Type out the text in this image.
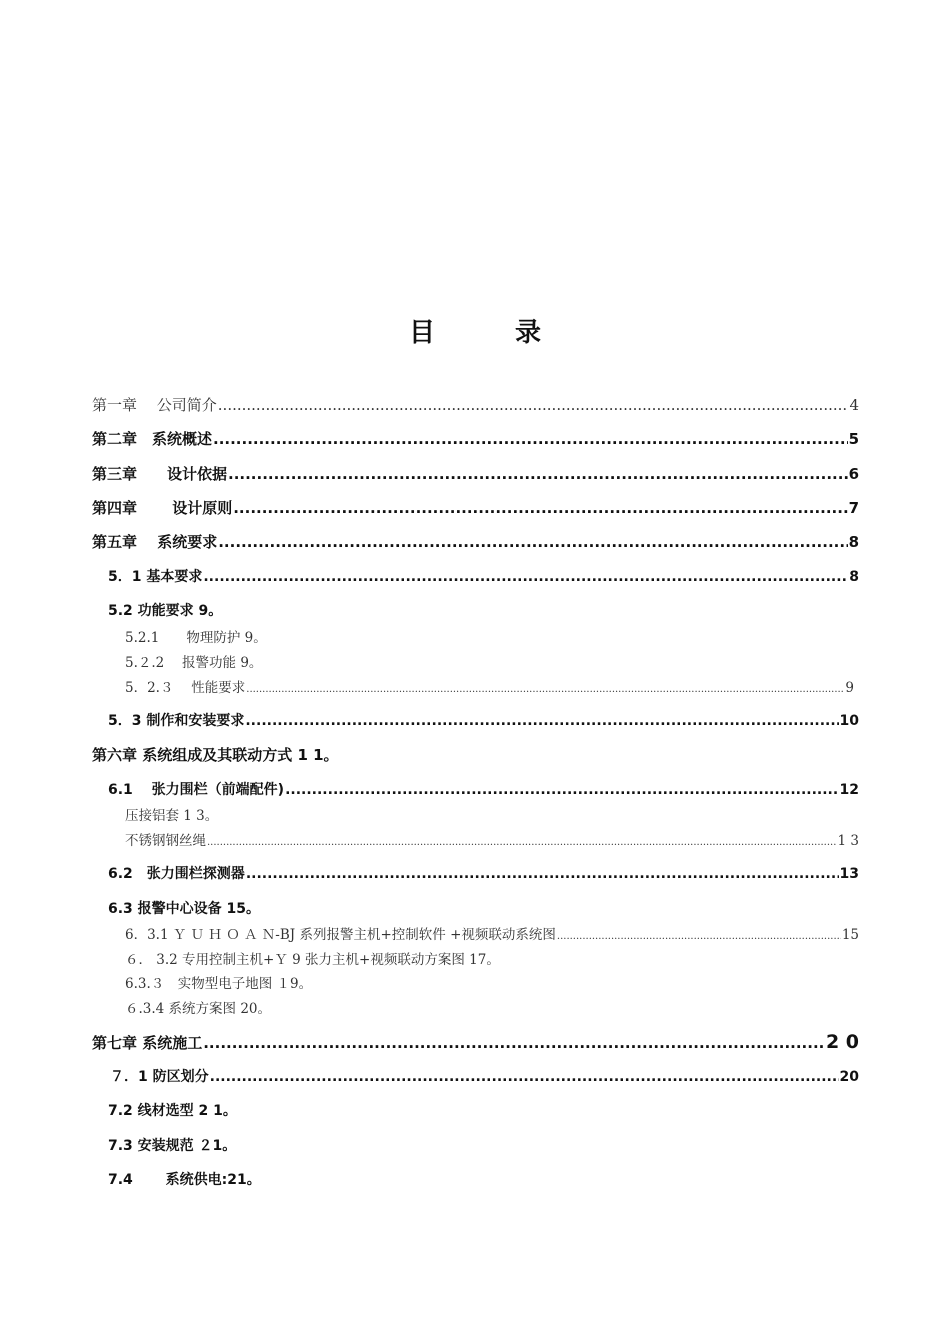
目	录
第一章　 公司简介 .....	4
第二章　系统概述 .....	5
第三章　　设计依据 .....	6
第四章　　 设计原则 .....	7
第五章　 系统要求 .....	8
5．1 基本要求 .....	8
5.2 功能要求 9。
5.2.1　　物理防护 9。
5.２.2　 报警功能 9。
5．2.３　 性能要求 .....	9
5．3 制作和安装要求 .....	10
第六章 系统组成及其联动方式 1 1。
6.1　 张力围栏（前端配件) .....	12
压接铝套 1 3。
不锈钢钢丝绳 .....	1 3
6.2　张力围栏探测器 .....	13
6.3 报警中心设备 15。
6．3.1 Ｙ Ｕ Ｈ Ｏ Ａ Ｎ-BJ 系列报警主机+控制软件 +视频联动系统图 .....	15
６． 3.2 专用控制主机+Ｙ 9 张力主机+视频联动方案图 17。
6.3.３　实物型电子地图 １9。
６.3.4 系统方案图 20。
第七章 系统施工 .....	2 0
７．1 防区划分 .....	20
7.2 线材选型 2 1。
7.3 安装规范 ２1。
7.4　　 系统供电:21。
